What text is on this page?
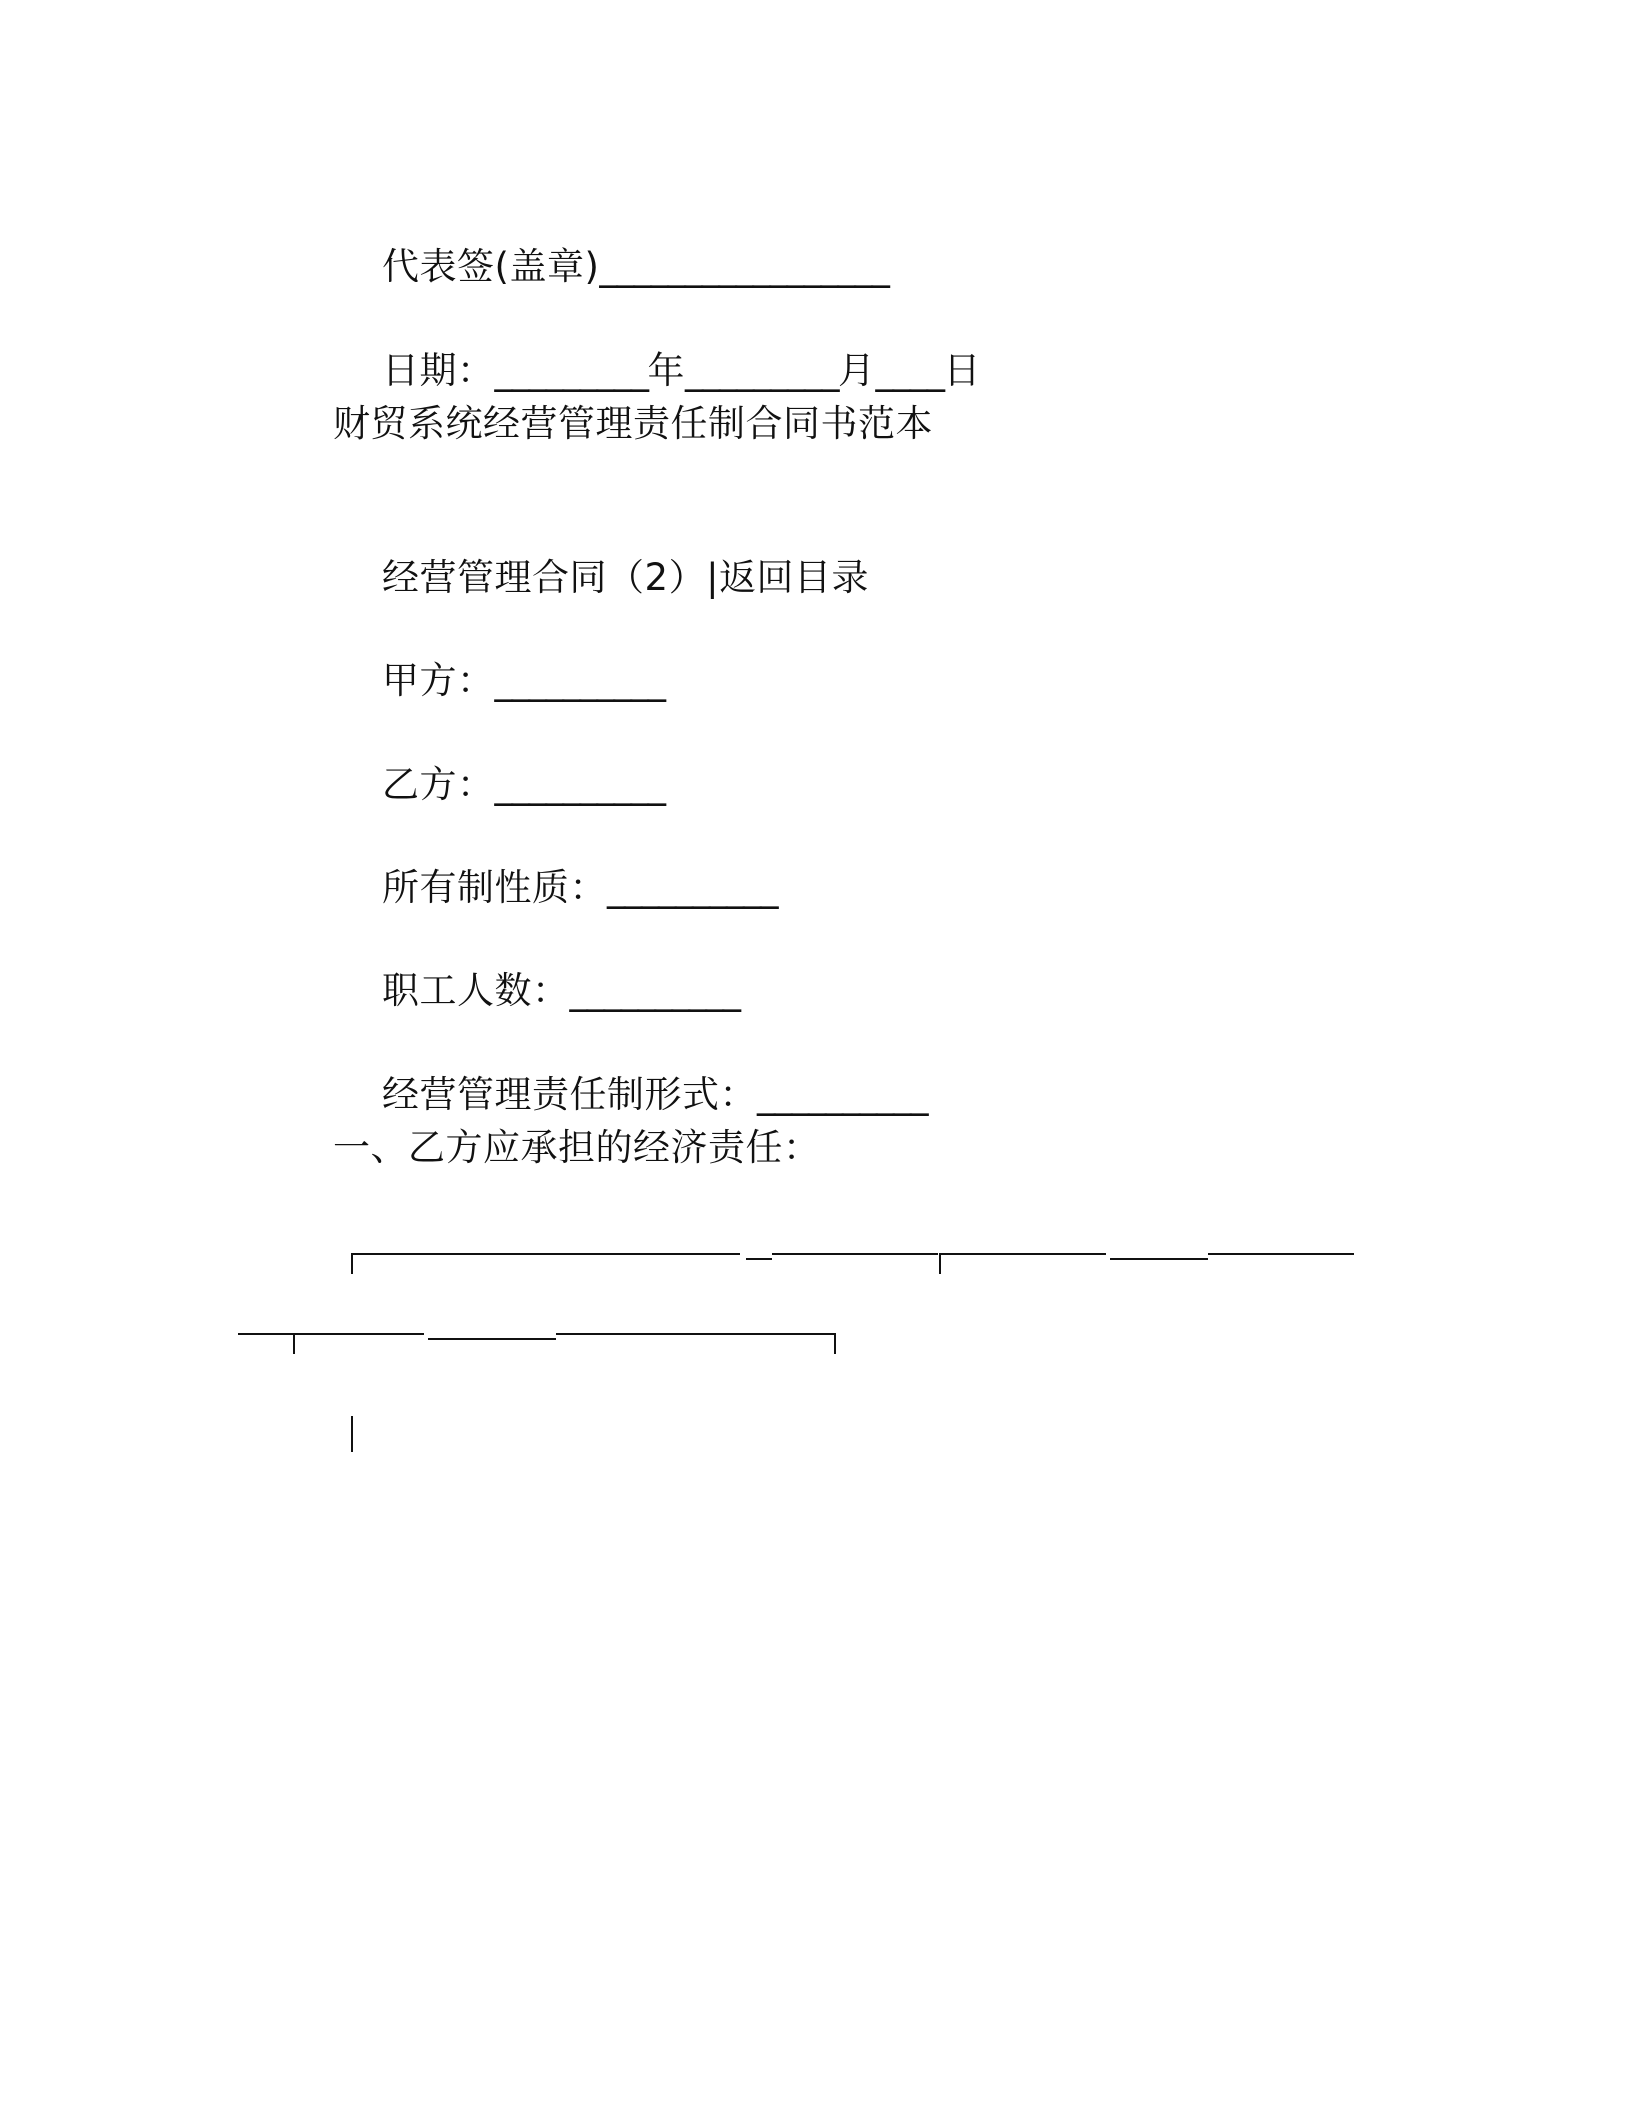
代表签(盖章)_________________

日期：_________年_________月____日

财贸系统经营管理责任制合同书范本

经营管理合同（2）|返回目录

甲方：__________

乙方：__________

所有制性质：__________

职工人数：__________

经营管理责任制形式：__________

一、乙方应承担的经济责任：
